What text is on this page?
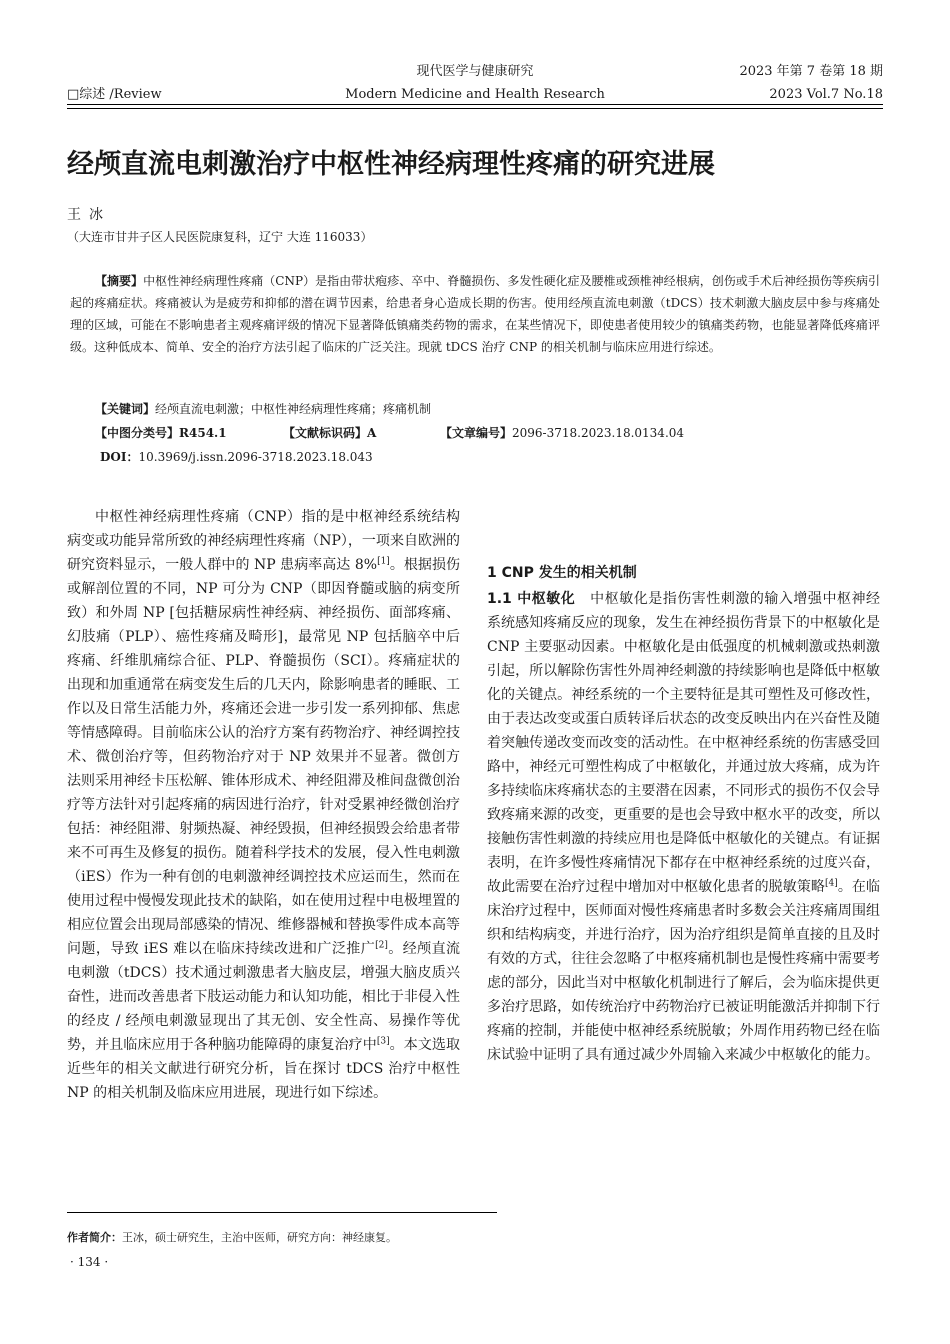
□综述 /Review
现代医学与健康研究
Modern Medicine and Health Research
2023 年第 7 卷第 18 期
2023 Vol.7 No.18
经颅直流电刺激治疗中枢性神经病理性疼痛的研究进展
王冰
（大连市甘井子区人民医院康复科，辽宁 大连 116033）
【摘要】中枢性神经病理性疼痛（CNP）是指由带状疱疹、卒中、脊髓损伤、多发性硬化症及腰椎或颈椎神经根病，创伤或手术后神经损伤等疾病引起的疼痛症状。疼痛被认为是疲劳和抑郁的潜在调节因素，给患者身心造成长期的伤害。使用经颅直流电刺激（tDCS）技术刺激大脑皮层中参与疼痛处理的区域，可能在不影响患者主观疼痛评级的情况下显著降低镇痛类药物的需求，在某些情况下，即使患者使用较少的镇痛类药物，也能显著降低疼痛评级。这种低成本、简单、安全的治疗方法引起了临床的广泛关注。现就 tDCS 治疗 CNP 的相关机制与临床应用进行综述。
【关键词】经颅直流电刺激；中枢性神经病理性疼痛；疼痛机制
【中图分类号】R454.1	【文献标识码】A	【文章编号】2096-3718.2023.18.0134.04
DOI：10.3969/j.issn.2096-3718.2023.18.043

中枢性神经病理性疼痛（CNP）指的是中枢神经系统结构病变或功能异常所致的神经病理性疼痛（NP），一项来自欧洲的研究资料显示，一般人群中的 NP 患病率高达 8%[1]。根据损伤或解剖位置的不同，NP 可分为 CNP（即因脊髓或脑的病变所致）和外周 NP [包括糖尿病性神经病、神经损伤、面部疼痛、幻肢痛（PLP）、癌性疼痛及畸形]，最常见 NP 包括脑卒中后疼痛、纤维肌痛综合征、PLP、脊髓损伤（SCI）。疼痛症状的出现和加重通常在病变发生后的几天内，除影响患者的睡眠、工作以及日常生活能力外，疼痛还会进一步引发一系列抑郁、焦虑等情感障碍。目前临床公认的治疗方案有药物治疗、神经调控技术、微创治疗等，但药物治疗对于 NP 效果并不显著。微创方法则采用神经卡压松解、锥体形成术、神经阻滞及椎间盘微创治疗等方法针对引起疼痛的病因进行治疗，针对受累神经微创治疗包括：神经阻滞、射频热凝、神经毁损，但神经损毁会给患者带来不可再生及修复的损伤。随着科学技术的发展，侵入性电刺激（iES）作为一种有创的电刺激神经调控技术应运而生，然而在使用过程中慢慢发现此技术的缺陷，如在使用过程中电极埋置的相应位置会出现局部感染的情况、维修器械和替换零件成本高等问题，导致 iES 难以在临床持续改进和广泛推广[2]。经颅直流电刺激（tDCS）技术通过刺激患者大脑皮层，增强大脑皮质兴奋性，进而改善患者下肢运动能力和认知功能，相比于非侵入性的经皮 / 经颅电刺激显现出了其无创、安全性高、易操作等优势，并且临床应用于各种脑功能障碍的康复治疗中[3]。本文选取近些年的相关文献进行研究分析，旨在探讨 tDCS 治疗中枢性 NP 的相关机制及临床应用进展，现进行如下综述。

1 CNP 发生的相关机制

1.1 中枢敏化 中枢敏化是指伤害性刺激的输入增强中枢神经系统感知疼痛反应的现象，发生在神经损伤背景下的中枢敏化是 CNP 主要驱动因素。中枢敏化是由低强度的机械刺激或热刺激引起，所以解除伤害性外周神经刺激的持续影响也是降低中枢敏化的关键点。神经系统的一个主要特征是其可塑性及可修改性，由于表达改变或蛋白质转译后状态的改变反映出内在兴奋性及随着突触传递改变而改变的活动性。在中枢神经系统的伤害感受回路中，神经元可塑性构成了中枢敏化，并通过放大疼痛，成为许多持续临床疼痛状态的主要潜在因素，不同形式的损伤不仅会导致疼痛来源的改变，更重要的是也会导致中枢水平的改变，所以接触伤害性刺激的持续应用也是降低中枢敏化的关键点。有证据表明，在许多慢性疼痛情况下都存在中枢神经系统的过度兴奋，故此需要在治疗过程中增加对中枢敏化患者的脱敏策略[4]。在临床治疗过程中，医师面对慢性疼痛患者时多数会关注疼痛周围组织和结构病变，并进行治疗，因为治疗组织是简单直接的且及时有效的方式，往往会忽略了中枢疼痛机制也是慢性疼痛中需要考虑的部分，因此当对中枢敏化机制进行了解后，会为临床提供更多治疗思路，如传统治疗中药物治疗已被证明能激活并抑制下行疼痛的控制，并能使中枢神经系统脱敏；外周作用药物已经在临床试验中证明了具有通过减少外周输入来减少中枢敏化的能力。

作者简介：王冰，硕士研究生，主治中医师，研究方向：神经康复。
· 134 ·
